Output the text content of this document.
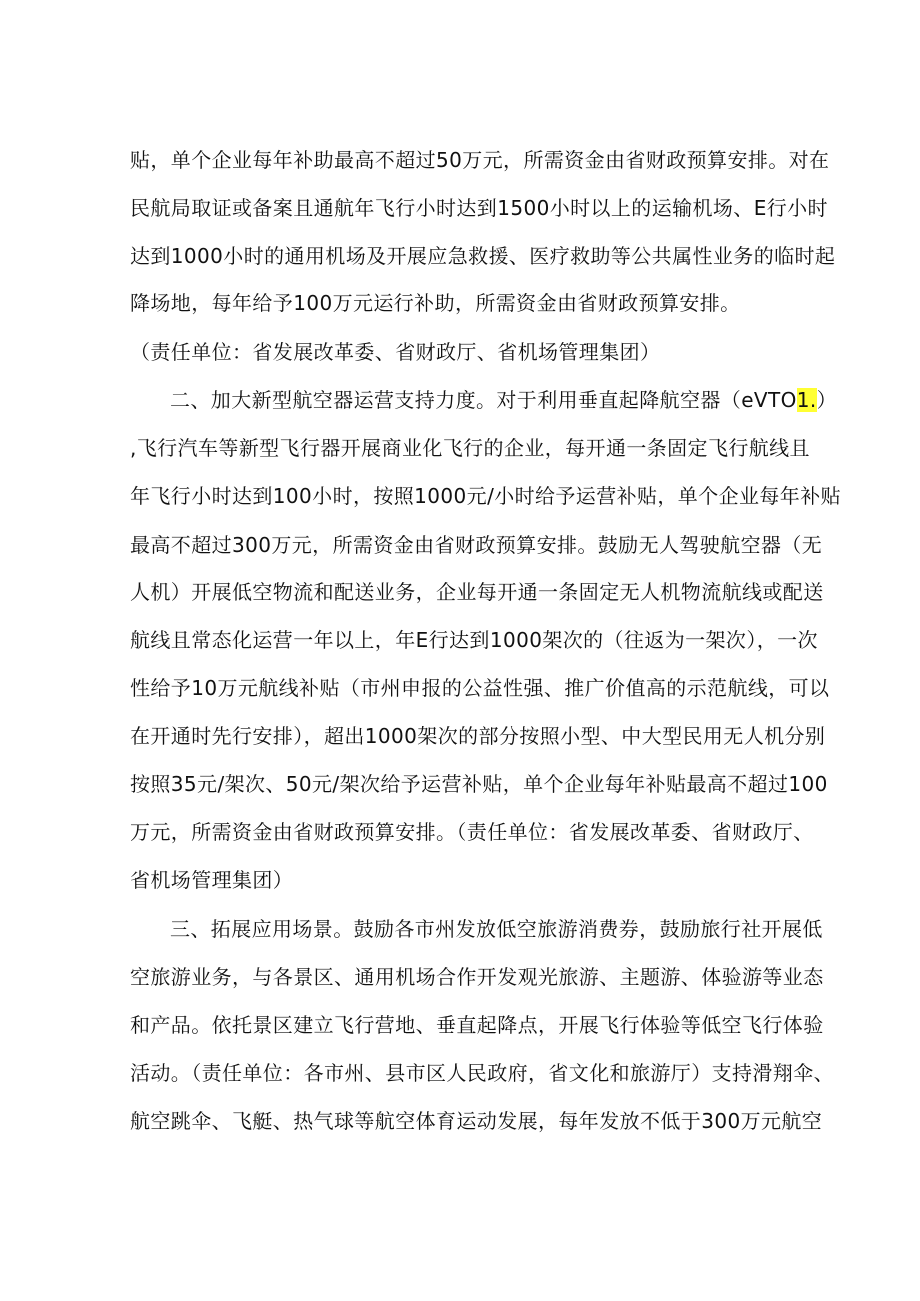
贴，单个企业每年补助最高不超过50万元，所需资金由省财政预算安排。对在
民航局取证或备案且通航年飞行小时达到1500小时以上的运输机场、E行小时
达到1000小时的通用机场及开展应急救援、医疗救助等公共属性业务的临时起
降场地，每年给予100万元运行补助，所需资金由省财政预算安排。
（责任单位：省发展改革委、省财政厅、省机场管理集团）
二、加大新型航空器运营支持力度。对于利用垂直起降航空器（eVTO1.）
,飞行汽车等新型飞行器开展商业化飞行的企业，每开通一条固定飞行航线且
年飞行小时达到100小时，按照1000元/小时给予运营补贴，单个企业每年补贴
最高不超过300万元，所需资金由省财政预算安排。鼓励无人驾驶航空器（无
人机）开展低空物流和配送业务，企业每开通一条固定无人机物流航线或配送
航线且常态化运营一年以上，年E行达到1000架次的（往返为一架次），一次
性给予10万元航线补贴（市州申报的公益性强、推广价值高的示范航线，可以
在开通时先行安排），超出1000架次的部分按照小型、中大型民用无人机分别
按照35元/架次、50元/架次给予运营补贴，单个企业每年补贴最高不超过100
万元，所需资金由省财政预算安排。（责任单位：省发展改革委、省财政厅、
省机场管理集团）
三、拓展应用场景。鼓励各市州发放低空旅游消费券，鼓励旅行社开展低
空旅游业务，与各景区、通用机场合作开发观光旅游、主题游、体验游等业态
和产品。依托景区建立飞行营地、垂直起降点，开展飞行体验等低空飞行体验
活动。（责任单位：各市州、县市区人民政府，省文化和旅游厅）支持滑翔伞、
航空跳伞、飞艇、热气球等航空体育运动发展，每年发放不低于300万元航空
